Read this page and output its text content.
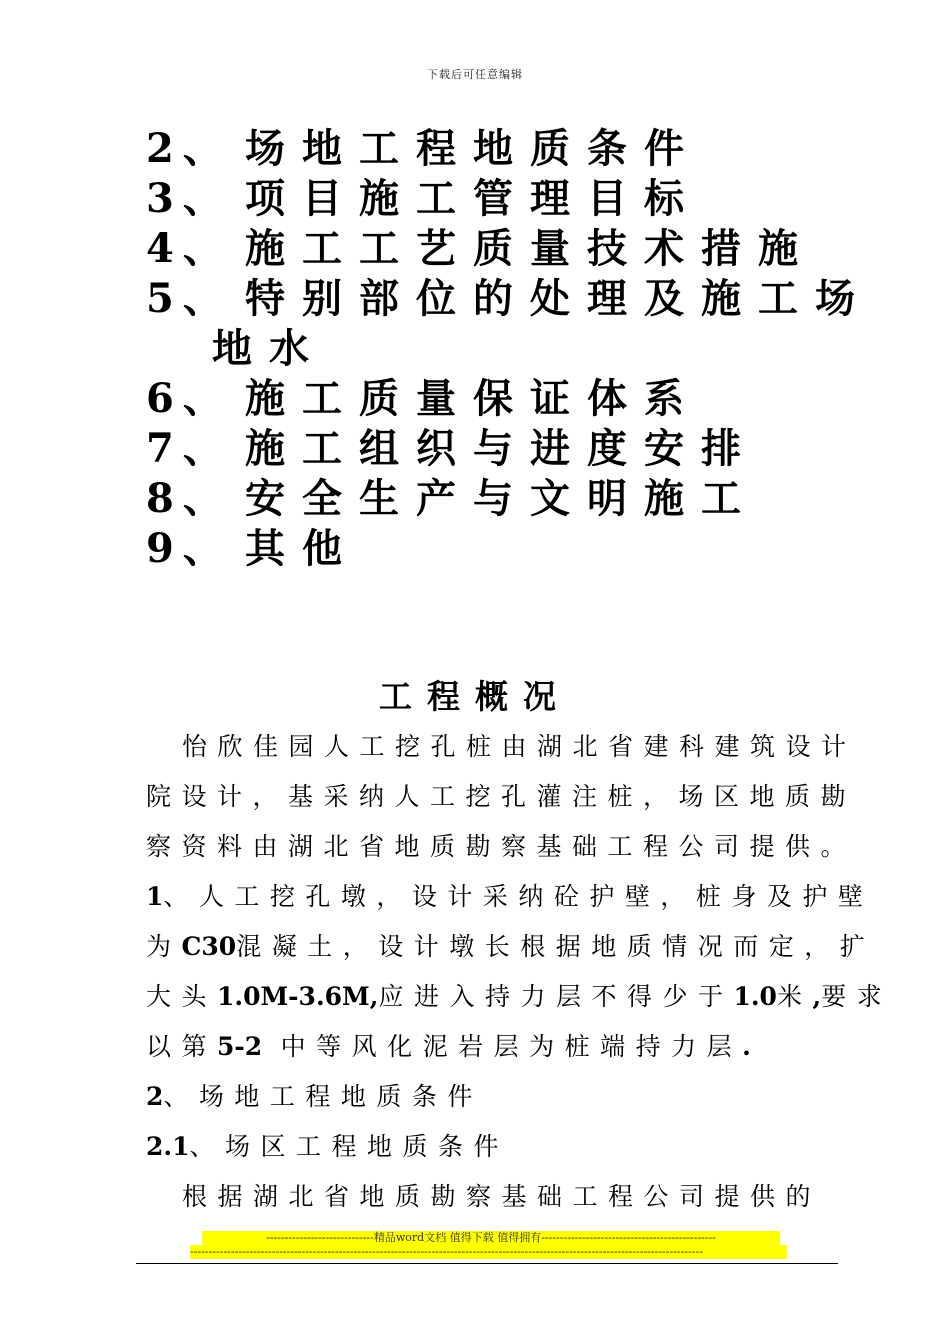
下载后可任意编辑
2、 场地工程地质条件
3、 项目施工管理目标
4、 施工工艺质量技术措施
5、 特别部位的处理及施工场
地水
6、 施工质量保证体系
7、 施工组织与进度安排
8、 安全生产与文明施工
9、 其他
工程概况
怡欣佳园人工挖孔桩由湖北省建科建筑设计
院设计，基采纳人工挖孔灌注桩，场区地质勘
察资料由湖北省地质勘察基础工程公司提供。
1、人工挖孔墩，设计采纳砼护壁，桩身及护壁
为C30混凝土，设计墩长根据地质情况而定，扩
大头1.0M-3.6M,应进入持力层不得少于1.0米,要求
以第5-2 中等风化泥岩层为桩端持力层.
2、场地工程地质条件
2.1、场区工程地质条件
根据湖北省地质勘察基础工程公司提供的
-----------------------------精品word文档 值得下载 值得拥有-----------------------------------------------
------------------------------------------------------------------------------------------------------------------------------------------
